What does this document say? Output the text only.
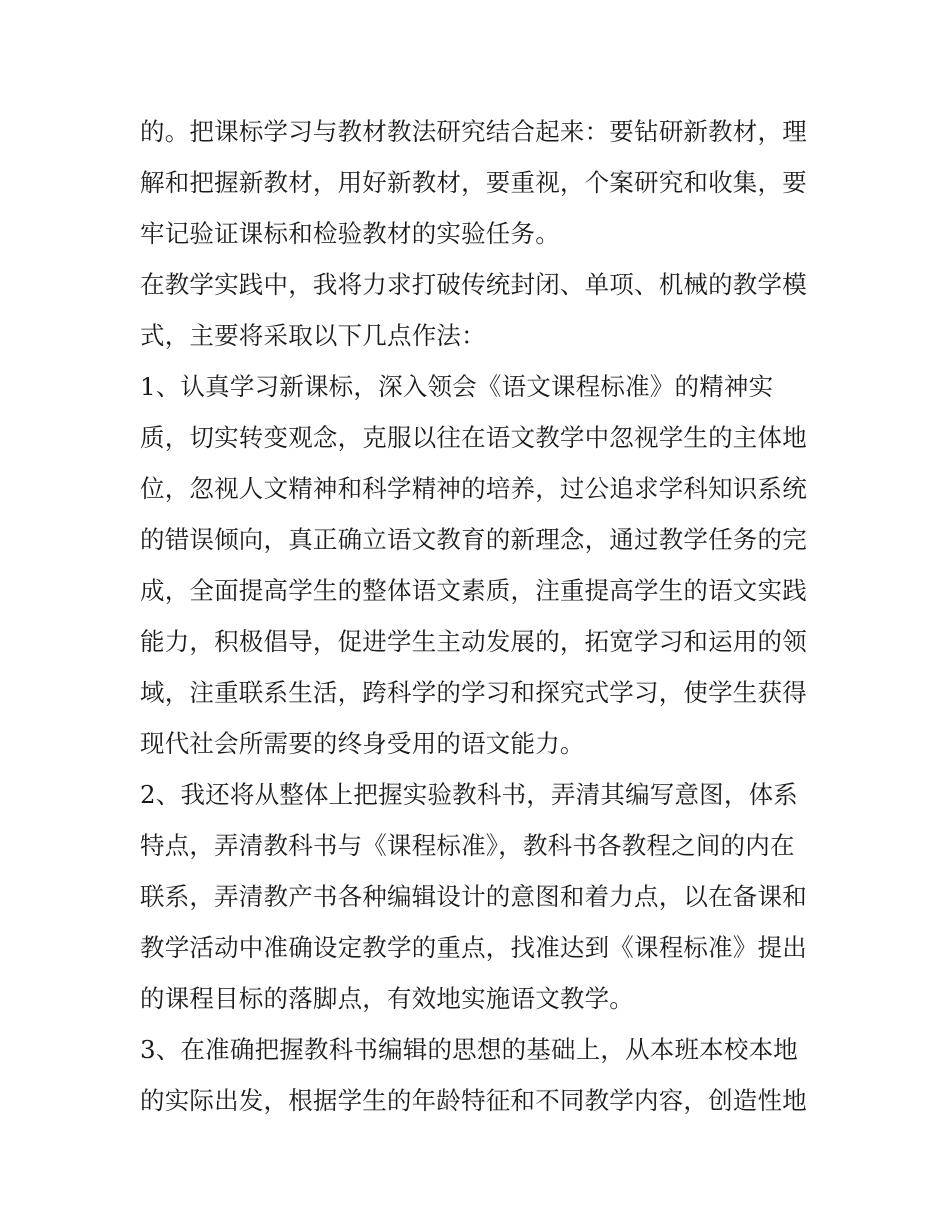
的。把课标学习与教材教法研究结合起来：要钻研新教材，理
解和把握新教材，用好新教材，要重视，个案研究和收集，要
牢记验证课标和检验教材的实验任务。
在教学实践中，我将力求打破传统封闭、单项、机械的教学模
式，主要将采取以下几点作法：
1、认真学习新课标，深入领会《语文课程标准》的精神实
质，切实转变观念，克服以往在语文教学中忽视学生的主体地
位，忽视人文精神和科学精神的培养，过公追求学科知识系统
的错误倾向，真正确立语文教育的新理念，通过教学任务的完
成，全面提高学生的整体语文素质，注重提高学生的语文实践
能力，积极倡导，促进学生主动发展的，拓宽学习和运用的领
域，注重联系生活，跨科学的学习和探究式学习，使学生获得
现代社会所需要的终身受用的语文能力。
2、我还将从整体上把握实验教科书，弄清其编写意图，体系
特点，弄清教科书与《课程标准》，教科书各教程之间的内在
联系，弄清教产书各种编辑设计的意图和着力点，以在备课和
教学活动中准确设定教学的重点，找准达到《课程标准》提出
的课程目标的落脚点，有效地实施语文教学。
3、在准确把握教科书编辑的思想的基础上，从本班本校本地
的实际出发，根据学生的年龄特征和不同教学内容，创造性地
